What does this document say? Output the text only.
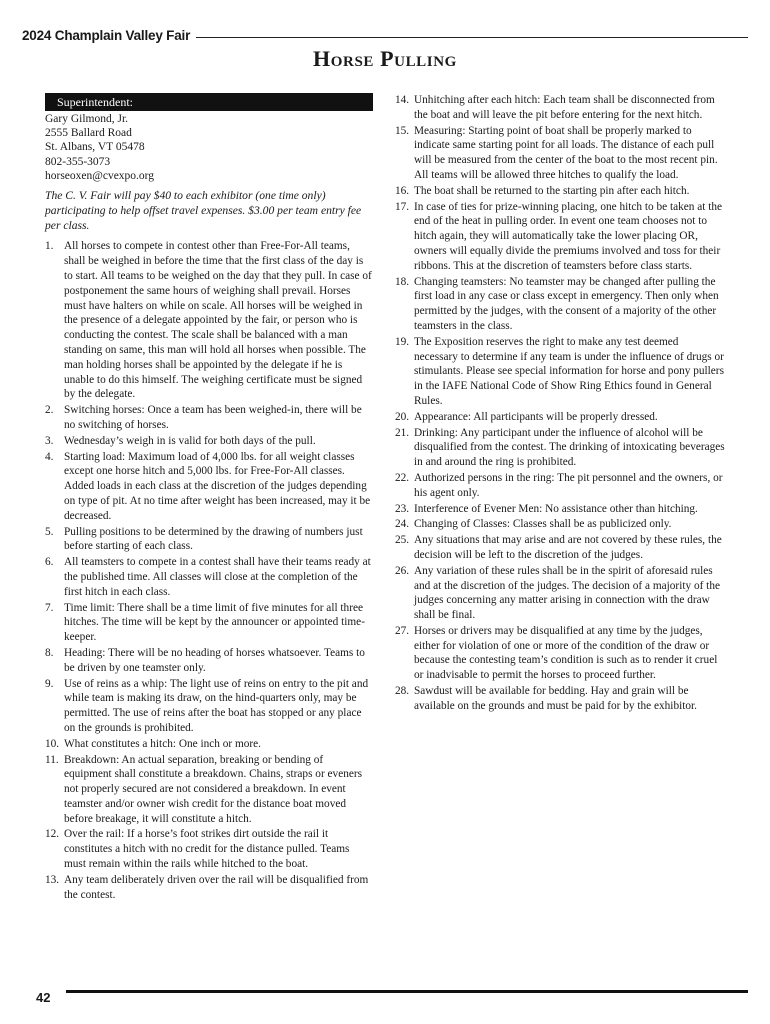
2024 Champlain Valley Fair
Horse Pulling
Superintendent:
Gary Gilmond, Jr.
2555 Ballard Road
St. Albans, VT 05478
802-355-3073
horseoxen@cvexpo.org
The C. V. Fair will pay $40 to each exhibitor (one time only) participating to help offset travel expenses. $3.00 per team entry fee per class.
1. All horses to compete in contest other than Free-For-All teams, shall be weighed in before the time that the first class of the day is to start. All teams to be weighed on the day that they pull. In case of postponement the same hours of weighing shall prevail. Horses must have halters on while on scale. All horses will be weighed in the presence of a delegate appointed by the fair, or person who is conducting the contest. The scale shall be balanced with a man standing on same, this man will hold all horses when possible. The man holding horses shall be appointed by the delegate if he is unable to do this himself. The weighing certificate must be signed by the delegate.
2. Switching horses: Once a team has been weighed-in, there will be no switching of horses.
3. Wednesday’s weigh in is valid for both days of the pull.
4. Starting load: Maximum load of 4,000 lbs. for all weight classes except one horse hitch and 5,000 lbs. for Free-For-All classes. Added loads in each class at the discretion of the judges depending on type of pit. At no time after weight has been increased, may it be decreased.
5. Pulling positions to be determined by the drawing of numbers just before starting of each class.
6. All teamsters to compete in a contest shall have their teams ready at the published time. All classes will close at the completion of the first hitch in each class.
7. Time limit: There shall be a time limit of five minutes for all three hitches. The time will be kept by the announcer or appointed time-keeper.
8. Heading: There will be no heading of horses whatsoever. Teams to be driven by one teamster only.
9. Use of reins as a whip: The light use of reins on entry to the pit and while team is making its draw, on the hind-quarters only, may be permitted. The use of reins after the boat has stopped or any place on the grounds is prohibited.
10. What constitutes a hitch: One inch or more.
11. Breakdown: An actual separation, breaking or bending of equipment shall constitute a breakdown. Chains, straps or eveners not properly secured are not considered a breakdown. In event teamster and/or owner wish credit for the distance boat moved before breakage, it will constitute a hitch.
12. Over the rail: If a horse’s foot strikes dirt outside the rail it constitutes a hitch with no credit for the distance pulled. Teams must remain within the rails while hitched to the boat.
13. Any team deliberately driven over the rail will be disqualified from the contest.
14. Unhitching after each hitch: Each team shall be disconnected from the boat and will leave the pit before entering for the next hitch.
15. Measuring: Starting point of boat shall be properly marked to indicate same starting point for all loads. The distance of each pull will be measured from the center of the boat to the most recent pin. All teams will be allowed three hitches to qualify the load.
16. The boat shall be returned to the starting pin after each hitch.
17. In case of ties for prize-winning placing, one hitch to be taken at the end of the heat in pulling order. In event one team chooses not to hitch again, they will automatically take the lower placing OR, owners will equally divide the premiums involved and toss for their ribbons. This at the discretion of teamsters before class starts.
18. Changing teamsters: No teamster may be changed after pulling the first load in any case or class except in emergency. Then only when permitted by the judges, with the consent of a majority of the other teamsters in the class.
19. The Exposition reserves the right to make any test deemed necessary to determine if any team is under the influence of drugs or stimulants. Please see special information for horse and pony pullers in the IAFE National Code of Show Ring Ethics found in General Rules.
20. Appearance: All participants will be properly dressed.
21. Drinking: Any participant under the influence of alcohol will be disqualified from the contest. The drinking of intoxicating beverages in and around the ring is prohibited.
22. Authorized persons in the ring: The pit personnel and the owners, or his agent only.
23. Interference of Evener Men: No assistance other than hitching.
24. Changing of Classes: Classes shall be as publicized only.
25. Any situations that may arise and are not covered by these rules, the decision will be left to the discretion of the judges.
26. Any variation of these rules shall be in the spirit of aforesaid rules and at the discretion of the judges. The decision of a majority of the judges concerning any matter arising in connection with the draw shall be final.
27. Horses or drivers may be disqualified at any time by the judges, either for violation of one or more of the condition of the draw or because the contesting team’s condition is such as to render it cruel or inadvisable to permit the horses to proceed further.
28. Sawdust will be available for bedding. Hay and grain will be available on the grounds and must be paid for by the exhibitor.
42
